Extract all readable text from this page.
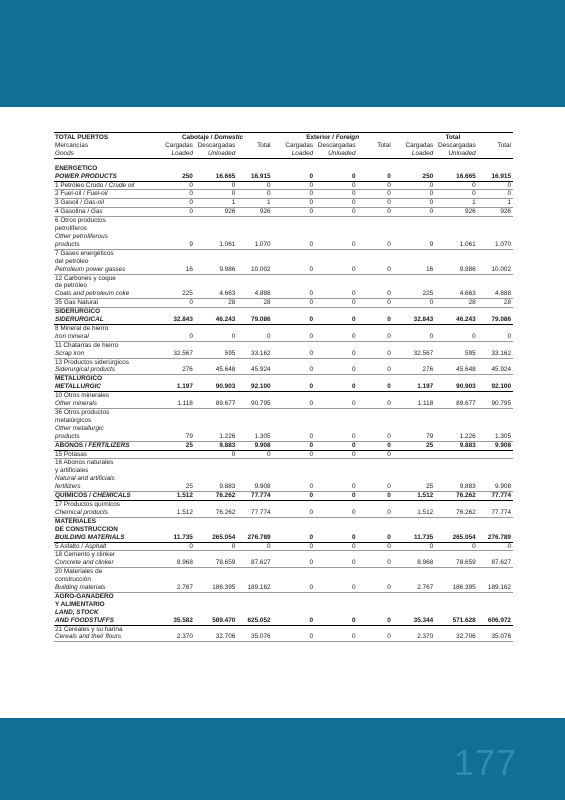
TOTAL PUERTOS	Cabotaje / Domestic			Exterior / Foreign			Total		
Mercancías	Cargadas	Descargadas	Total	Cargadas	Descargadas	Total	Cargadas	Descargadas	Total
Goods	Loaded	Unloaded		Loaded	Unloaded		Loaded	Unloaded	

ENERGÉTICO									
POWER PRODUCTS	250	16.665	16.915	0	0	0	250	16.665	16.915
1 Petróleo Crudo / Crude oil	0	0	0	0	0	0	0	0	0
2 Fuel-oil / Fuel-oil	0	0	0	0	0	0	0	0	0
3 Gasoil / Gas-oil	0	1	1	0	0	0	0	1	1
4 Gasolina / Gas	0	926	926	0	0	0	0	926	926
6 Otros productos									
petrolíferos									
Other petroliferous									
products	9	1.061	1.070	0	0	0	9	1.061	1.070
7 Gases energéticos									
del petróleo									
Petroleum power gasses	16	9.986	10.002	0	0	0	16	9.986	10.002
12 Carbones y coque									
de petróleo									
Coals and petroleum coke	225	4.663	4.888	0	0	0	225	4.663	4.888
35 Gas Natural	0	28	28	0	0	0	0	28	28
SIDERÚRGICO									
SIDERURGICAL	32.843	46.243	79.086	0	0	0	32.843	46.243	79.086
8 Mineral de hierro									
Iron mineral	0	0	0	0	0	0	0	0	0
11 Chatarras de hierro									
Scrap iron	32.567	595	33.162	0	0	0	32.567	595	33.162
13 Productos siderúrgicos									
Siderurgical products	276	45.648	45.924	0	0	0	276	45.648	45.924
METALÚRGICO									
METALLURGIC	1.197	90.903	92.100	0	0	0	1.197	90.903	92.100
10 Otros minerales									
Other minerals	1.118	89.677	90.795	0	0	0	1.118	89.677	90.795
36 Otros productos									
metalúrgicos									
Other metallurgic									
products	79	1.226	1.305	0	0	0	79	1.226	1.305
ABONOS / FERTILIZERS	25	9.883	9.908	0	0	0	25	9.883	9.908
15 Potasas		0	0	0	0	0			
16 Abonos naturales									
y artificiales									
Natural and artificials									
fertilizers	25	9.883	9.908	0	0	0	25	9.883	9.908
QUÍMICOS / CHEMICALS	1.512	76.262	77.774	0	0	0	1.512	76.262	77.774
17 Productos químicos									
Chemical products	1.512	76.262	77.774	0	0	0	1.512	76.262	77.774
MATERIALES									
DE CONSTRUCCIÓN									
BUILDING MATERIALS	11.735	265.054	276.789	0	0	0	11.735	265.054	276.789
5 Asfalto / Asphalt	0	0	0	0	0	0	0	0	0
18 Cemento y clinker									
Concrete and clinker	8.968	78.659	87.627	0	0	0	8.968	78.659	87.627
20 Materiales de									
construcción									
Building materials	2.767	186.395	189.162	0	0	0	2.767	186.395	189.162
AGRO-GANADERO									
Y ALIMENTARIO									
LAND, STOCK									
AND FOODSTUFFS	35.582	589.470	625.052	0	0	0	35.344	571.628	606.972
21 Cereales y su harina									
Cereals and their flours	2.370	32.706	35.076	0	0	0	2.370	32.706	35.076
177
